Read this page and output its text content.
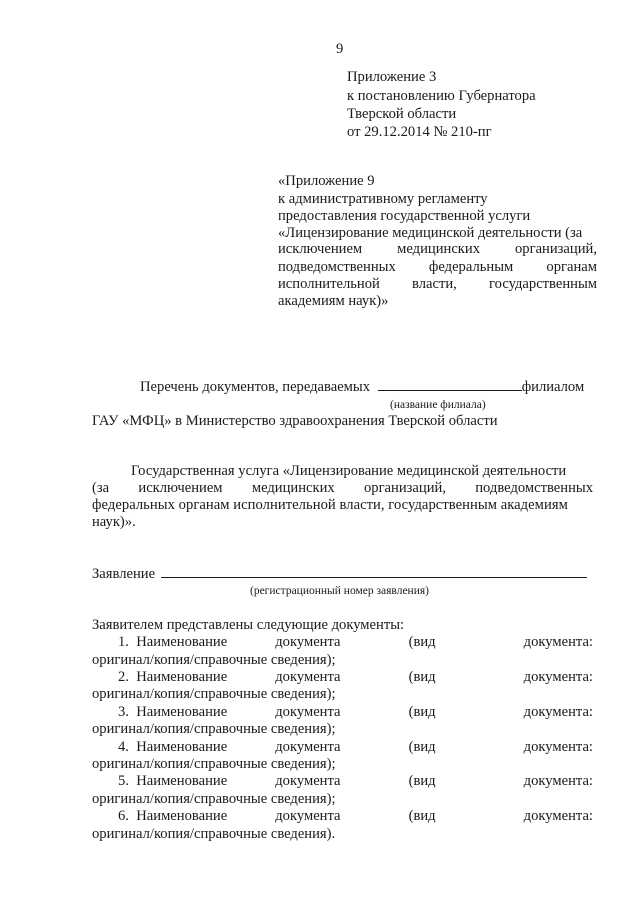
9
Приложение 3
к постановлению Губернатора
Тверской области
от 29.12.2014 № 210-пг
«Приложение 9
к административному регламенту
предоставления государственной услуги
«Лицензирование медицинской деятельности (за
исключением медицинских организаций,
подведомственных федеральным органам
исполнительной власти, государственным
академиям наук)»
Перечень документов, передаваемых	филиалом
(название филиала)
ГАУ «МФЦ» в Министерство здравоохранения Тверской области
Государственная услуга «Лицензирование медицинской деятельности
(за исключением медицинских организаций, подведомственных
федеральных органам исполнительной власти, государственным академиям
наук)».
Заявление
(регистрационный номер заявления)
Заявителем представлены следующие документы:
1. Наименование	документа	(вид	документа:
оригинал/копия/справочные сведения);
2. Наименование	документа	(вид	документа:
оригинал/копия/справочные сведения);
3. Наименование	документа	(вид	документа:
оригинал/копия/справочные сведения);
4. Наименование	документа	(вид	документа:
оригинал/копия/справочные сведения);
5. Наименование	документа	(вид	документа:
оригинал/копия/справочные сведения);
6. Наименование	документа	(вид	документа:
оригинал/копия/справочные сведения).
